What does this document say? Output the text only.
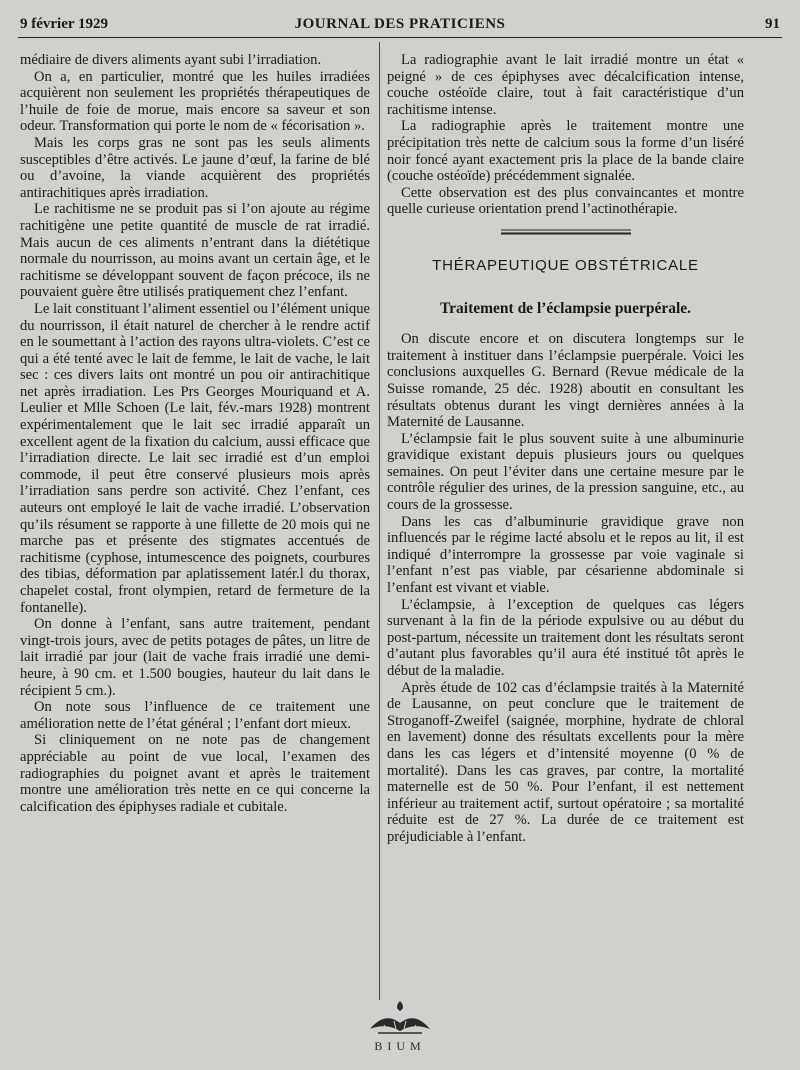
9 février 1929	JOURNAL DES PRATICIENS	91

médiaire de divers aliments ayant subi l’irradiation.

On a, en particulier, montré que les huiles irradiées acquièrent non seulement les propriétés thérapeutiques de l’huile de foie de morue, mais encore sa saveur et son odeur. Transformation qui porte le nom de « fécorisation ».

Mais les corps gras ne sont pas les seuls aliments susceptibles d’être activés. Le jaune d’œuf, la farine de blé ou d’avoine, la viande acquièrent des propriétés antirachitiques après irradiation.

Le rachitisme ne se produit pas si l’on ajoute au régime rachitigène une petite quantité de muscle de rat irradié. Mais aucun de ces aliments n’entrant dans la diététique normale du nourrisson, au moins avant un certain âge, et le rachitisme se développant souvent de façon précoce, ils ne pouvaient guère être utilisés pratiquement chez l’enfant.

Le lait constituant l’aliment essentiel ou l’élément unique du nourrisson, il était naturel de chercher à le rendre actif en le soumettant à l’action des rayons ultra-violets. C’est ce qui a été tenté avec le lait de femme, le lait de vache, le lait sec : ces divers laits ont montré un pou oir antirachitique net après irradiation. Les Prs Georges Mouriquand et A. Leulier et Mlle Schoen (Le lait, fév.-mars 1928) montrent expérimentalement que le lait sec irradié apparaît un excellent agent de la fixation du calcium, aussi efficace que l’irradiation directe. Le lait sec irradié est d’un emploi commode, il peut être conservé plusieurs mois après l’irradiation sans perdre son activité. Chez l’enfant, ces auteurs ont employé le lait de vache irradié. L’observation qu’ils résument se rapporte à une fillette de 20 mois qui ne marche pas et présente des stigmates accentués de rachitisme (cyphose, intumescence des poignets, courbures des tibias, déformation par aplatissement latér.l du thorax, chapelet costal, front olympien, retard de fermeture de la fontanelle).

On donne à l’enfant, sans autre traitement, pendant vingt-trois jours, avec de petits potages de pâtes, un litre de lait irradié par jour (lait de vache frais irradié une demi-heure, à 90 cm. et 1.500 bougies, hauteur du lait dans le récipient 5 cm.).

On note sous l’influence de ce traitement une amélioration nette de l’état général ; l’enfant dort mieux.

Si cliniquement on ne note pas de changement appréciable au point de vue local, l’examen des radiographies du poignet avant et après le traitement montre une amélioration très nette en ce qui concerne la calcification des épiphyses radiale et cubitale.

La radiographie avant le lait irradié montre un état « peigné » de ces épiphyses avec décalcification intense, couche ostéoïde claire, tout à fait caractéristique d’un rachitisme intense.

La radiographie après le traitement montre une précipitation très nette de calcium sous la forme d’un liséré noir foncé ayant exactement pris la place de la bande claire (couche ostéoïde) précédemment signalée.

Cette observation est des plus convaincantes et montre quelle curieuse orientation prend l’actinothérapie.

THÉRAPEUTIQUE OBSTÉTRICALE
Traitement de l’éclampsie puerpérale.

On discute encore et on discutera longtemps sur le traitement à instituer dans l’éclampsie puerpérale. Voici les conclusions auxquelles G. Bernard (Revue médicale de la Suisse romande, 25 déc. 1928) aboutit en consultant les résultats obtenus durant les vingt dernières années à la Maternité de Lausanne.

L’éclampsie fait le plus souvent suite à une albuminurie gravidique existant depuis plusieurs jours ou quelques semaines. On peut l’éviter dans une certaine mesure par le contrôle régulier des urines, de la pression sanguine, etc., au cours de la grossesse.

Dans les cas d’albuminurie gravidique grave non influencés par le régime lacté absolu et le repos au lit, il est indiqué d’interrompre la grossesse par voie vaginale si l’enfant n’est pas viable, par césarienne abdominale si l’enfant est vivant et viable.

L’éclampsie, à l’exception de quelques cas légers survenant à la fin de la période expulsive ou au début du post-partum, nécessite un traitement dont les résultats seront d’autant plus favorables qu’il aura été institué tôt après le début de la maladie.

Après étude de 102 cas d’éclampsie traités à la Maternité de Lausanne, on peut conclure que le traitement de Stroganoff-Zweifel (saignée, morphine, hydrate de chloral en lavement) donne des résultats excellents pour la mère dans les cas légers et d’intensité moyenne (0 % de mortalité). Dans les cas graves, par contre, la mortalité maternelle est de 50 %. Pour l’enfant, il est nettement inférieur au traitement actif, surtout opératoire ; sa mortalité réduite est de 27 %. La durée de ce traitement est préjudiciable à l’enfant.

BIUM
